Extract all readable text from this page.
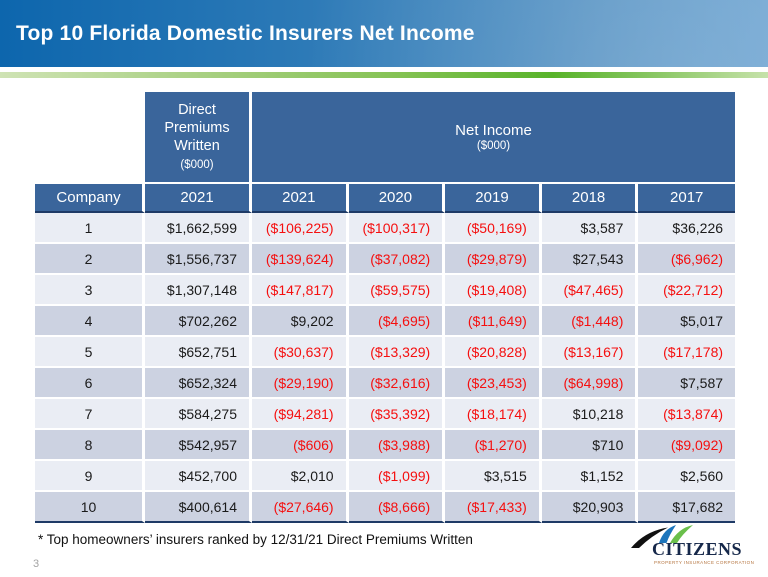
Top 10 Florida Domestic Insurers Net Income
	Direct
Premiums
Written
($000)	Net Income
($000)				

Company	2021	2021	2020	2019	2018	2017
1	$1,662,599	($106,225)	($100,317)	($50,169)	$3,587	$36,226
2	$1,556,737	($139,624)	($37,082)	($29,879)	$27,543	($6,962)
3	$1,307,148	($147,817)	($59,575)	($19,408)	($47,465)	($22,712)
4	$702,262	$9,202	($4,695)	($11,649)	($1,448)	$5,017
5	$652,751	($30,637)	($13,329)	($20,828)	($13,167)	($17,178)
6	$652,324	($29,190)	($32,616)	($23,453)	($64,998)	$7,587
7	$584,275	($94,281)	($35,392)	($18,174)	$10,218	($13,874)
8	$542,957	($606)	($3,988)	($1,270)	$710	($9,092)
9	$452,700	$2,010	($1,099)	$3,515	$1,152	$2,560
10	$400,614	($27,646)	($8,666)	($17,433)	$20,903	$17,682
* Top homeowners’ insurers ranked by 12/31/21 Direct Premiums Written
3
CITIZENS
PROPERTY INSURANCE CORPORATION
